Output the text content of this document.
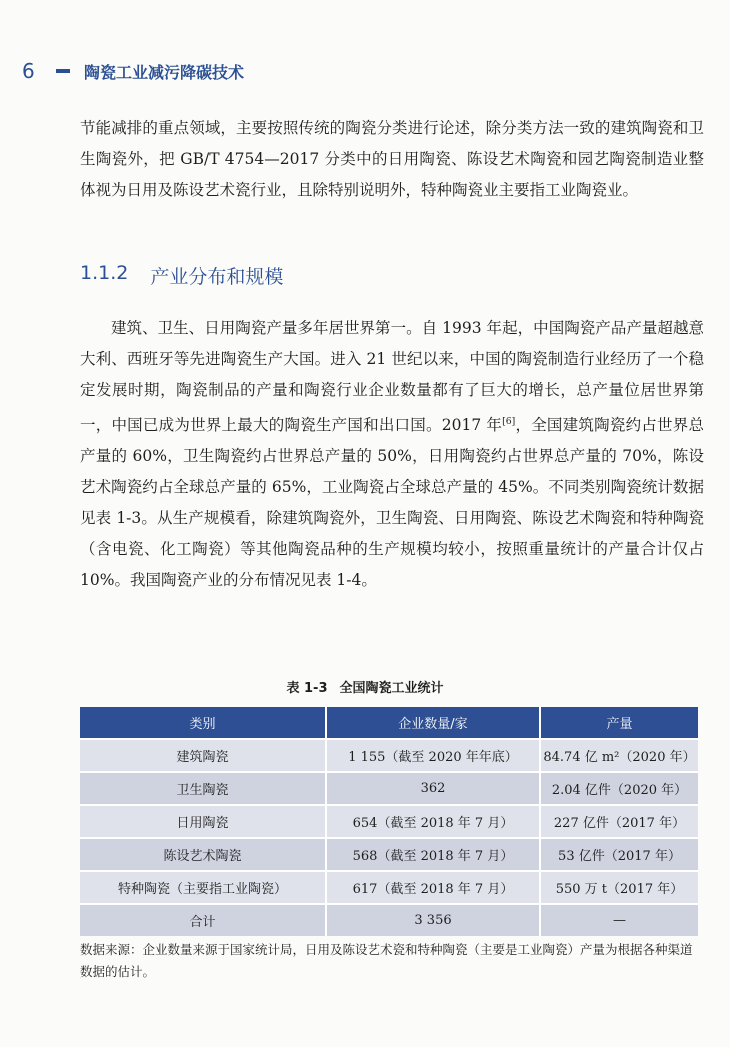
6	陶瓷工业减污降碳技术
节能减排的重点领域，主要按照传统的陶瓷分类进行论述，除分类方法一致的建筑陶瓷和卫生陶瓷外，把 GB/T 4754—2017 分类中的日用陶瓷、陈设艺术陶瓷和园艺陶瓷制造业整体视为日用及陈设艺术瓷行业，且除特别说明外，特种陶瓷业主要指工业陶瓷业。
1.1.2 产业分布和规模
建筑、卫生、日用陶瓷产量多年居世界第一。自 1993 年起，中国陶瓷产品产量超越意大利、西班牙等先进陶瓷生产大国。进入 21 世纪以来，中国的陶瓷制造行业经历了一个稳定发展时期，陶瓷制品的产量和陶瓷行业企业数量都有了巨大的增长，总产量位居世界第一，中国已成为世界上最大的陶瓷生产国和出口国。2017 年[6]，全国建筑陶瓷约占世界总产量的 60%，卫生陶瓷约占世界总产量的 50%，日用陶瓷约占世界总产量的 70%，陈设艺术陶瓷约占全球总产量的 65%，工业陶瓷占全球总产量的 45%。不同类别陶瓷统计数据见表 1-3。从生产规模看，除建筑陶瓷外，卫生陶瓷、日用陶瓷、陈设艺术陶瓷和特种陶瓷（含电瓷、化工陶瓷）等其他陶瓷品种的生产规模均较小，按照重量统计的产量合计仅占 10%。我国陶瓷产业的分布情况见表 1-4。
表 1-3 全国陶瓷工业统计
类别	企业数量/家	产量
建筑陶瓷	1 155（截至 2020 年年底）	84.74 亿 m²（2020 年）
卫生陶瓷	362	2.04 亿件（2020 年）
日用陶瓷	654（截至 2018 年 7 月）	227 亿件（2017 年）
陈设艺术陶瓷	568（截至 2018 年 7 月）	53 亿件（2017 年）
特种陶瓷（主要指工业陶瓷）	617（截至 2018 年 7 月）	550 万 t（2017 年）
合计	3 356	—
数据来源：企业数量来源于国家统计局，日用及陈设艺术瓷和特种陶瓷（主要是工业陶瓷）产量为根据各种渠道数据的估计。
